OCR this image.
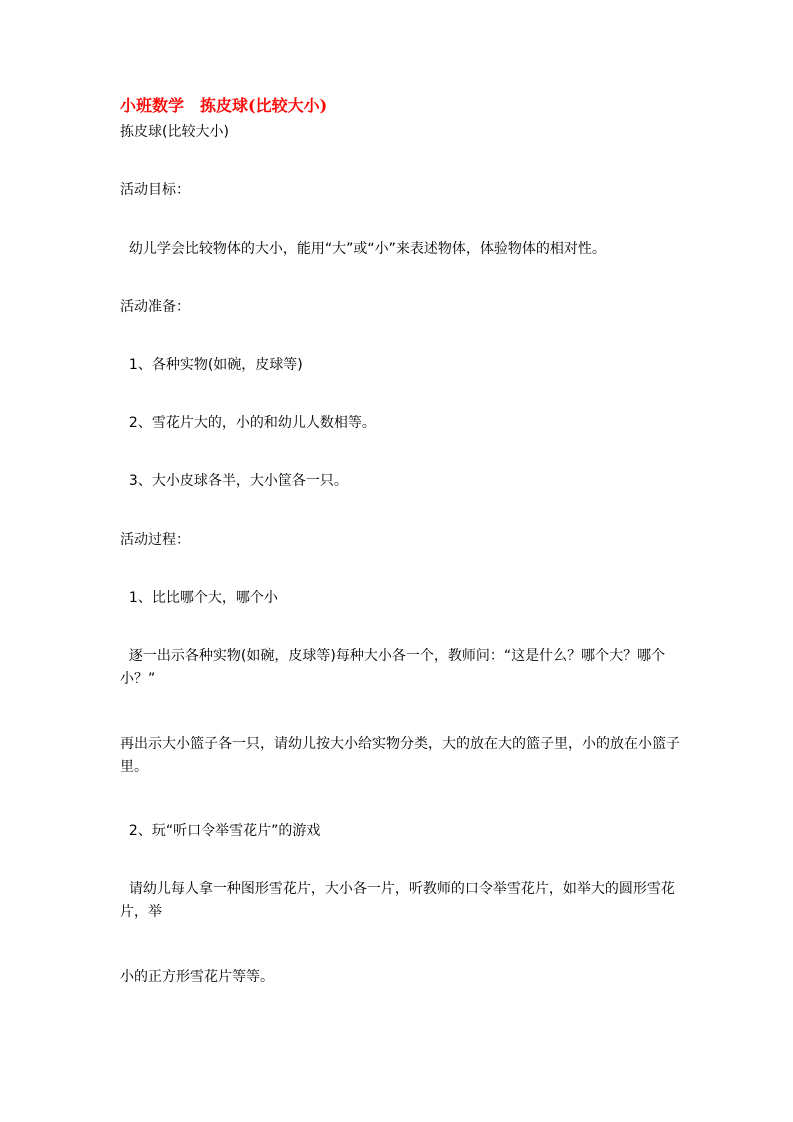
小班数学　拣皮球(比较大小)
拣皮球(比较大小)
活动目标：
幼儿学会比较物体的大小，能用“大”或“小”来表述物体，体验物体的相对性。
活动准备：
1、各种实物(如碗，皮球等)
2、雪花片大的，小的和幼儿人数相等。
3、大小皮球各半，大小筐各一只。
活动过程：
1、比比哪个大，哪个小
逐一出示各种实物(如碗，皮球等)每种大小各一个，教师问：“这是什么？哪个大？哪个小？”
再出示大小篮子各一只，请幼儿按大小给实物分类，大的放在大的篮子里，小的放在小篮子里。
2、玩“听口令举雪花片”的游戏
请幼儿每人拿一种图形雪花片，大小各一片，听教师的口令举雪花片，如举大的圆形雪花片，举
小的正方形雪花片等等。
